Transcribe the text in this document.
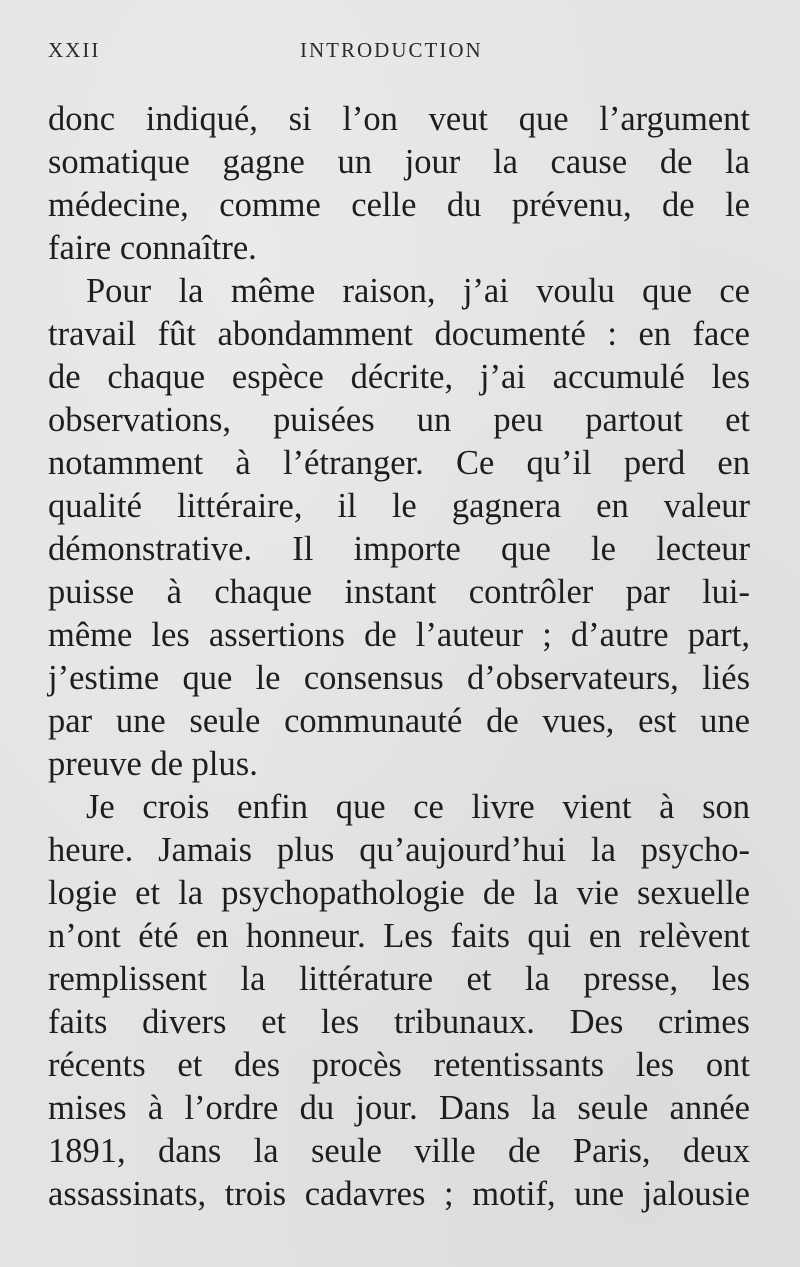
XXII	INTRODUCTION
donc indiqué, si l’on veut que l’argument
somatique gagne un jour la cause de la
médecine, comme celle du prévenu, de le
faire connaître.
Pour la même raison, j’ai voulu que ce
travail fût abondamment documenté : en face
de chaque espèce décrite, j’ai accumulé les
observations, puisées un peu partout et
notamment à l’étranger. Ce qu’il perd en
qualité littéraire, il le gagnera en valeur
démonstrative. Il importe que le lecteur
puisse à chaque instant contrôler par lui-
même les assertions de l’auteur ; d’autre part,
j’estime que le consensus d’observateurs, liés
par une seule communauté de vues, est une
preuve de plus.
Je crois enfin que ce livre vient à son
heure. Jamais plus qu’aujourd’hui la psycho-
logie et la psychopathologie de la vie sexuelle
n’ont été en honneur. Les faits qui en relèvent
remplissent la littérature et la presse, les
faits divers et les tribunaux. Des crimes
récents et des procès retentissants les ont
mises à l’ordre du jour. Dans la seule année
1891, dans la seule ville de Paris, deux
assassinats, trois cadavres ; motif, une jalousie
